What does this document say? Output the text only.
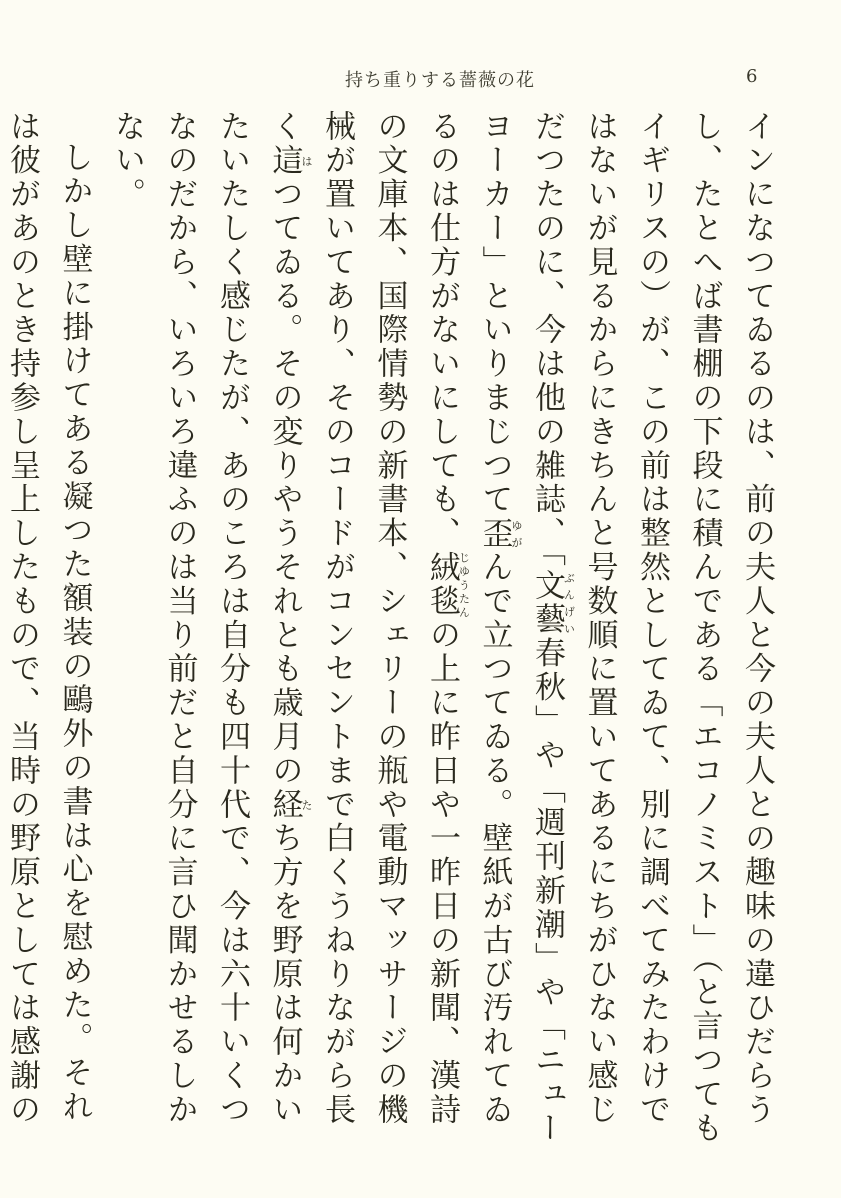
持ち重りする薔薇の花	6

インになつてゐるのは、前の夫人と今の夫人との趣味の違ひだらうし、たとへば書棚の下段に積んである「エコノミスト」（と言つてもイギリスの）が、この前は整然としてゐて、別に調べてみたわけではないが見るからにきちんと号数順に置いてあるにちがひない感じだつたのに、今は他の雑誌、「文藝ぶんげい春秋」や「週刊新潮」や「ニューヨーカー」といりまじつて歪ゆがんで立つてゐる。壁紙が古び汚れてゐるのは仕方がないにしても、絨毯じゆうたんの上に昨日や一昨日の新聞、漢詩の文庫本、国際情勢の新書本、シェリーの瓶や電動マッサージの機械が置いてあり、そのコードがコンセントまで白くうねりながら長く這はつてゐる。その変りやうそれとも歳月の経たち方を野原は何かいたいたしく感じたが、あのころは自分も四十代で、今は六十いくつなのだから、いろいろ違ふのは当り前だと自分に言ひ聞かせるしかない。

しかし壁に掛けてある凝つた額装の鷗外の書は心を慰めた。それは彼があのとき持参し呈上したもので、当時の野原としては感謝の
